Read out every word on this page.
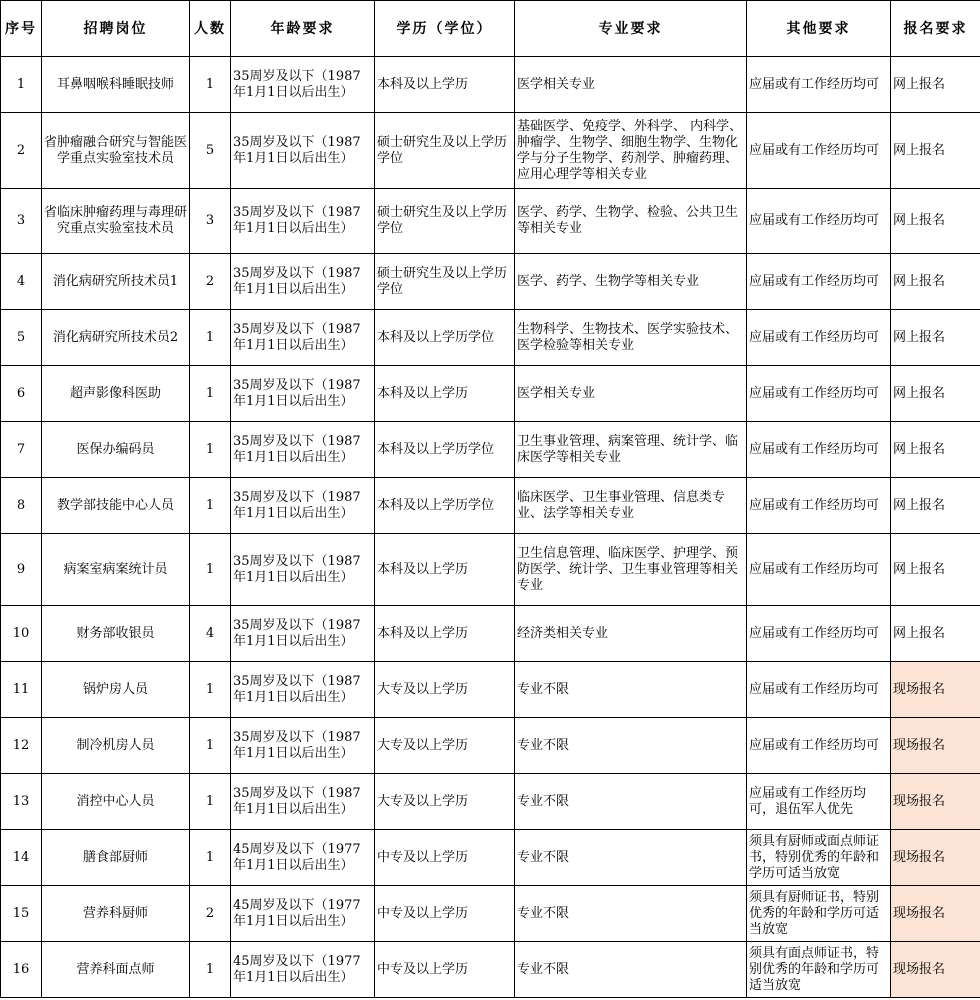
序号	招聘岗位	人数	年龄要求	学历（学位）	专业要求	其他要求	报名要求
1	耳鼻咽喉科睡眠技师	1	35周岁及以下（1987年1月1日以后出生）	本科及以上学历	医学相关专业	应届或有工作经历均可	网上报名
2	省肿瘤融合研究与智能医学重点实验室技术员	5	35周岁及以下（1987年1月1日以后出生）	硕士研究生及以上学历学位	基础医学、免疫学、外科学、 内科学、肿瘤学、生物学、细胞生物学、生物化学与分子生物学、药剂学、肿瘤药理、应用心理学等相关专业	应届或有工作经历均可	网上报名
3	省临床肿瘤药理与毒理研究重点实验室技术员	3	35周岁及以下（1987年1月1日以后出生）	硕士研究生及以上学历学位	医学、药学、生物学、检验、公共卫生等相关专业	应届或有工作经历均可	网上报名
4	消化病研究所技术员1	2	35周岁及以下（1987年1月1日以后出生）	硕士研究生及以上学历学位	医学、药学、生物学等相关专业	应届或有工作经历均可	网上报名
5	消化病研究所技术员2	1	35周岁及以下（1987年1月1日以后出生）	本科及以上学历学位	生物科学、生物技术、医学实验技术、医学检验等相关专业	应届或有工作经历均可	网上报名
6	超声影像科医助	1	35周岁及以下（1987年1月1日以后出生）	本科及以上学历	医学相关专业	应届或有工作经历均可	网上报名
7	医保办编码员	1	35周岁及以下（1987年1月1日以后出生）	本科及以上学历学位	卫生事业管理、病案管理、统计学、临床医学等相关专业	应届或有工作经历均可	网上报名
8	教学部技能中心人员	1	35周岁及以下（1987年1月1日以后出生）	本科及以上学历学位	临床医学、卫生事业管理、信息类专业、法学等相关专业	应届或有工作经历均可	网上报名
9	病案室病案统计员	1	35周岁及以下（1987年1月1日以后出生）	本科及以上学历	卫生信息管理、临床医学、护理学、预防医学、统计学、卫生事业管理等相关专业	应届或有工作经历均可	网上报名
10	财务部收银员	4	35周岁及以下（1987年1月1日以后出生）	本科及以上学历	经济类相关专业	应届或有工作经历均可	网上报名
11	锅炉房人员	1	35周岁及以下（1987年1月1日以后出生）	大专及以上学历	专业不限	应届或有工作经历均可	现场报名
12	制冷机房人员	1	35周岁及以下（1987年1月1日以后出生）	大专及以上学历	专业不限	应届或有工作经历均可	现场报名
13	消控中心人员	1	35周岁及以下（1987年1月1日以后出生）	大专及以上学历	专业不限	应届或有工作经历均可，退伍军人优先	现场报名
14	膳食部厨师	1	45周岁及以下（1977年1月1日以后出生）	中专及以上学历	专业不限	须具有厨师或面点师证书，特别优秀的年龄和学历可适当放宽	现场报名
15	营养科厨师	2	45周岁及以下（1977年1月1日以后出生）	中专及以上学历	专业不限	须具有厨师证书，特别优秀的年龄和学历可适当放宽	现场报名
16	营养科面点师	1	45周岁及以下（1977年1月1日以后出生）	中专及以上学历	专业不限	须具有面点师证书，特别优秀的年龄和学历可适当放宽	现场报名
